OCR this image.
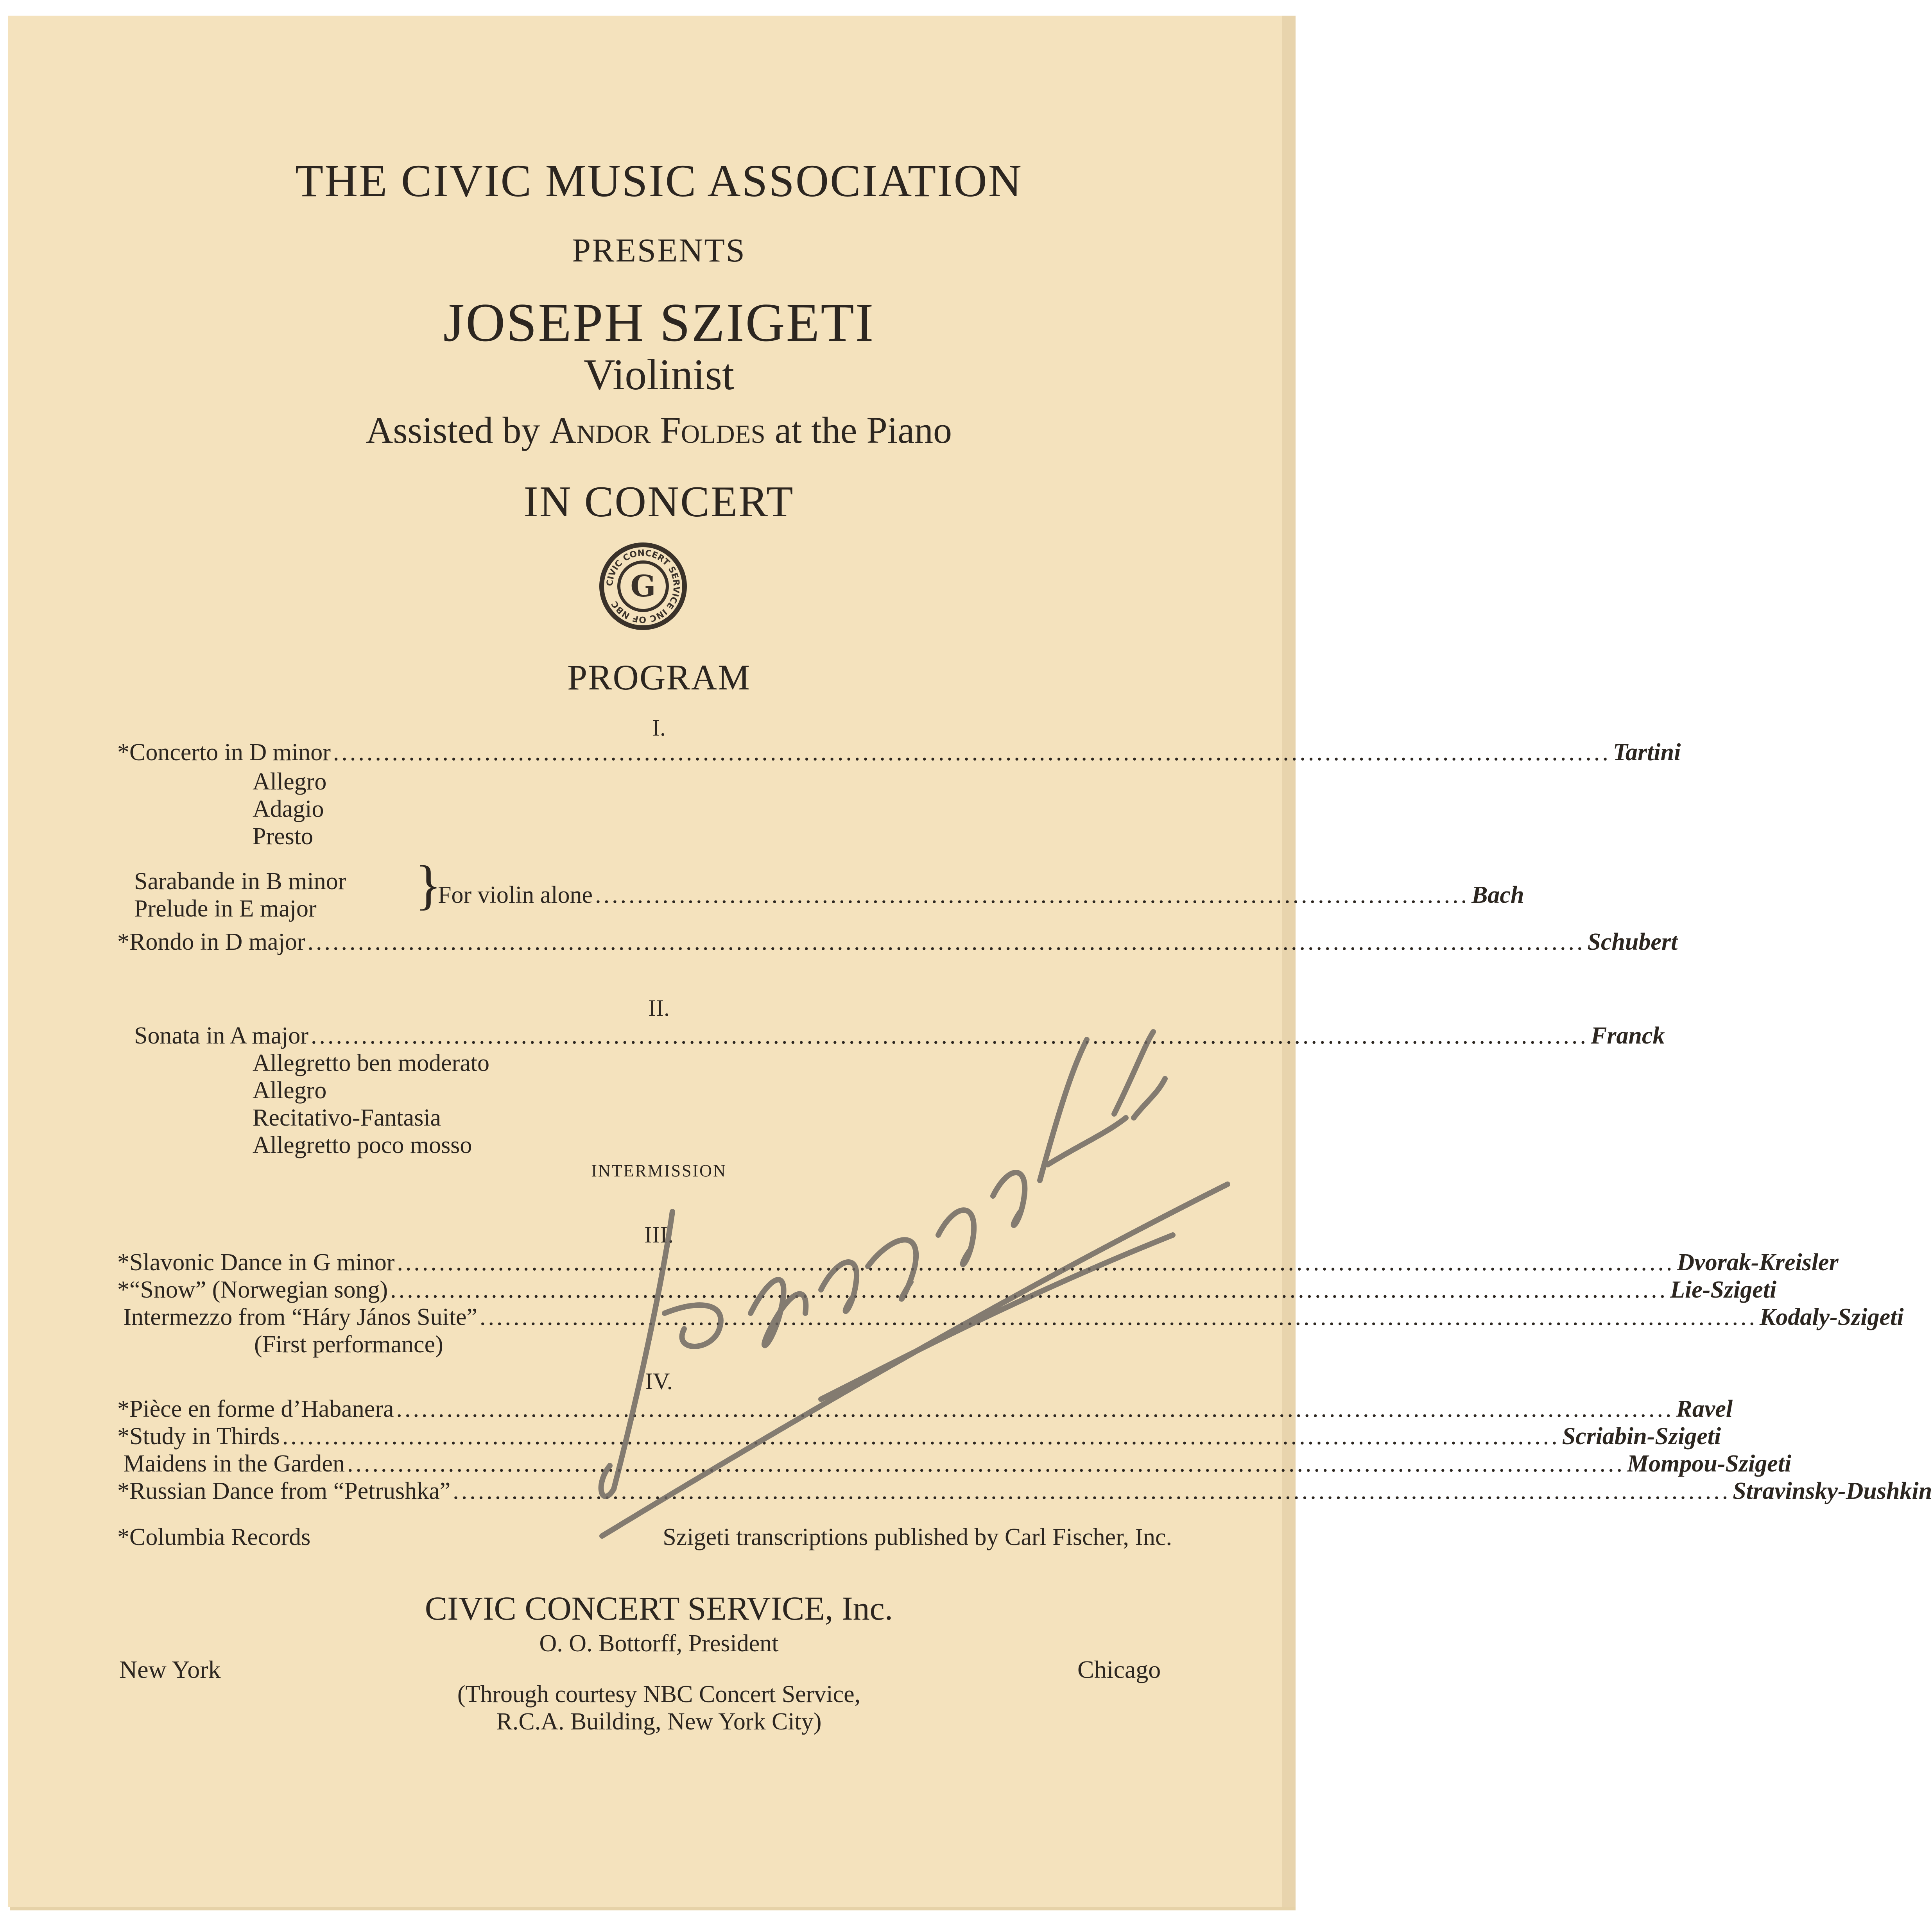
THE CIVIC MUSIC ASSOCIATION
PRESENTS
JOSEPH SZIGETI
Violinist
Assisted by Andor Foldes at the Piano
IN CONCERT
CIVIC CONCERT SERVICE INC OF NBC
G
PROGRAM
I.
*Concerto in D minor ........................................................................................................................................................ Tartini
Allegro
Adagio
Presto
Sarabande in B minor
Prelude in E major }
For violin alone ........................................................................................................ Bach
*Rondo in D major ........................................................................................................................................................ Schubert
II.
Sonata in A major ........................................................................................................................................................ Franck
Allegretto ben moderato
Allegro
Recitativo-Fantasia
Allegretto poco mosso
INTERMISSION
III.
*Slavonic Dance in G minor ........................................................................................................................................................ Dvorak-Kreisler
*“Snow” (Norwegian song) ........................................................................................................................................................ Lie-Szigeti
Intermezzo from “Háry János Suite” ........................................................................................................................................................ Kodaly-Szigeti
(First performance)
IV.
*Pièce en forme d’Habanera ........................................................................................................................................................ Ravel
*Study in Thirds ........................................................................................................................................................ Scriabin-Szigeti
Maidens in the Garden ........................................................................................................................................................ Mompou-Szigeti
*Russian Dance from “Petrushka” ........................................................................................................................................................ Stravinsky-Dushkin
*Columbia Records	Szigeti transcriptions published by Carl Fischer, Inc.
CIVIC CONCERT SERVICE, Inc.
O. O. Bottorff, President
New York	Chicago
(Through courtesy NBC Concert Service,
R.C.A. Building, New York City)
